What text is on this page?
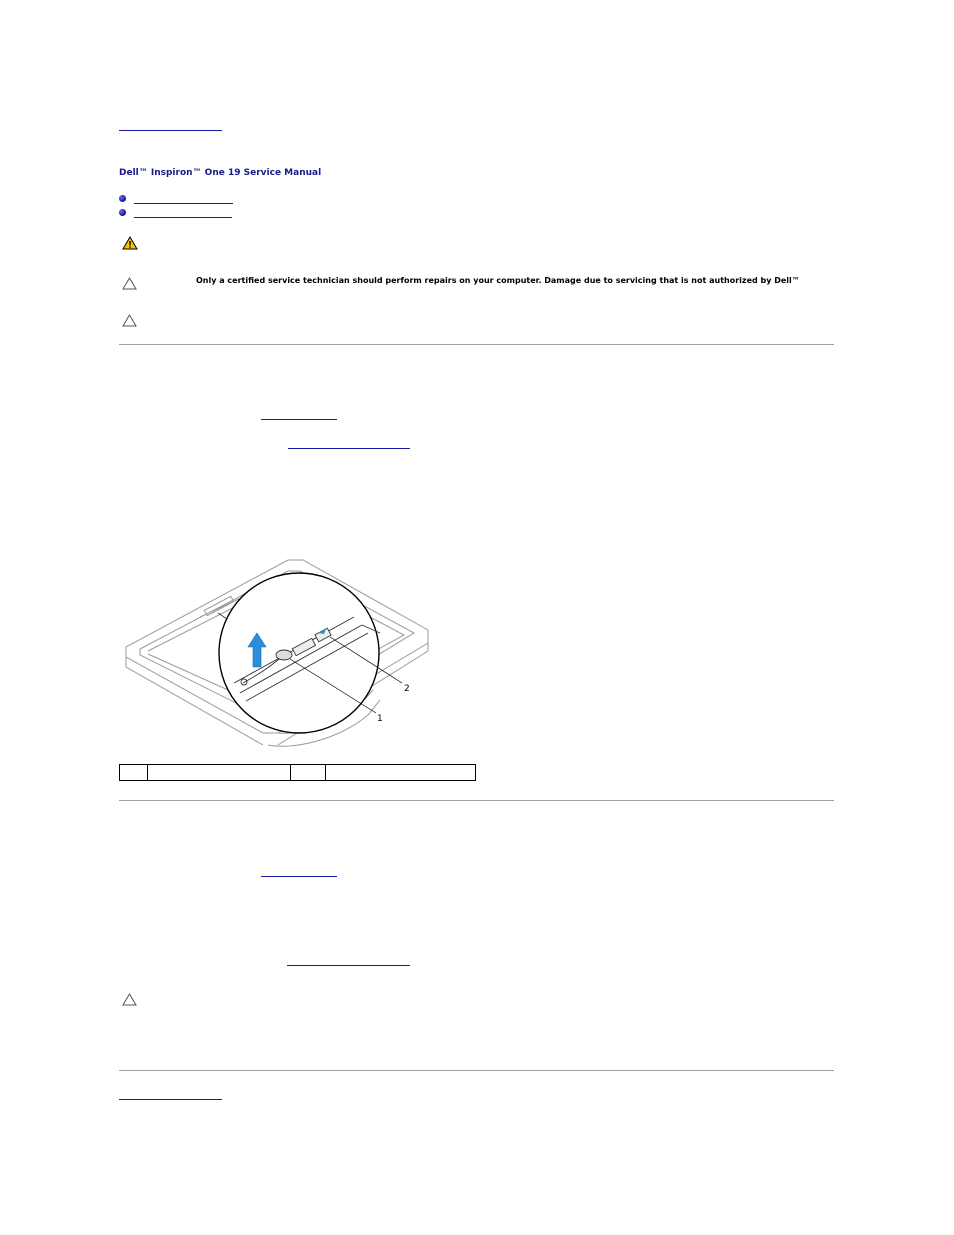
Dell™ Inspiron™ One 19 Service Manual
Only a certified service technician should perform repairs on your computer. Damage due to servicing that is not authorized by Dell™
1
2
